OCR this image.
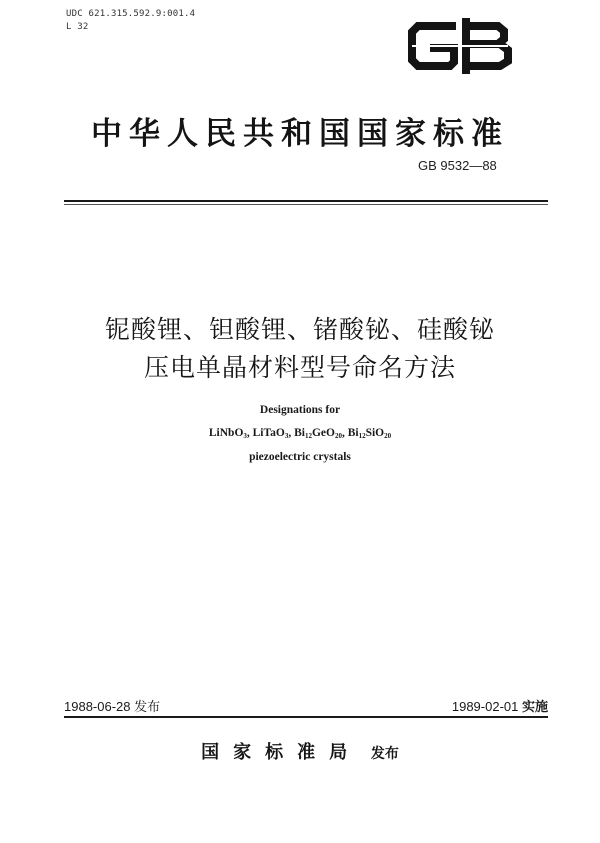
UDC 621.315.592.9:001.4
L 32
中华人民共和国国家标准
GB 9532—88
铌酸锂、钽酸锂、锗酸铋、硅酸铋
压电单晶材料型号命名方法
Designations for
LiNbO$_3$, LiTaO$_3$, $Bi_{12}GeO_{20}$, $Bi_{12}SiO_{20}$
piezoelectric crystals
1988-06-28 发布	1989-02-01 实施
国家标准局 发布
